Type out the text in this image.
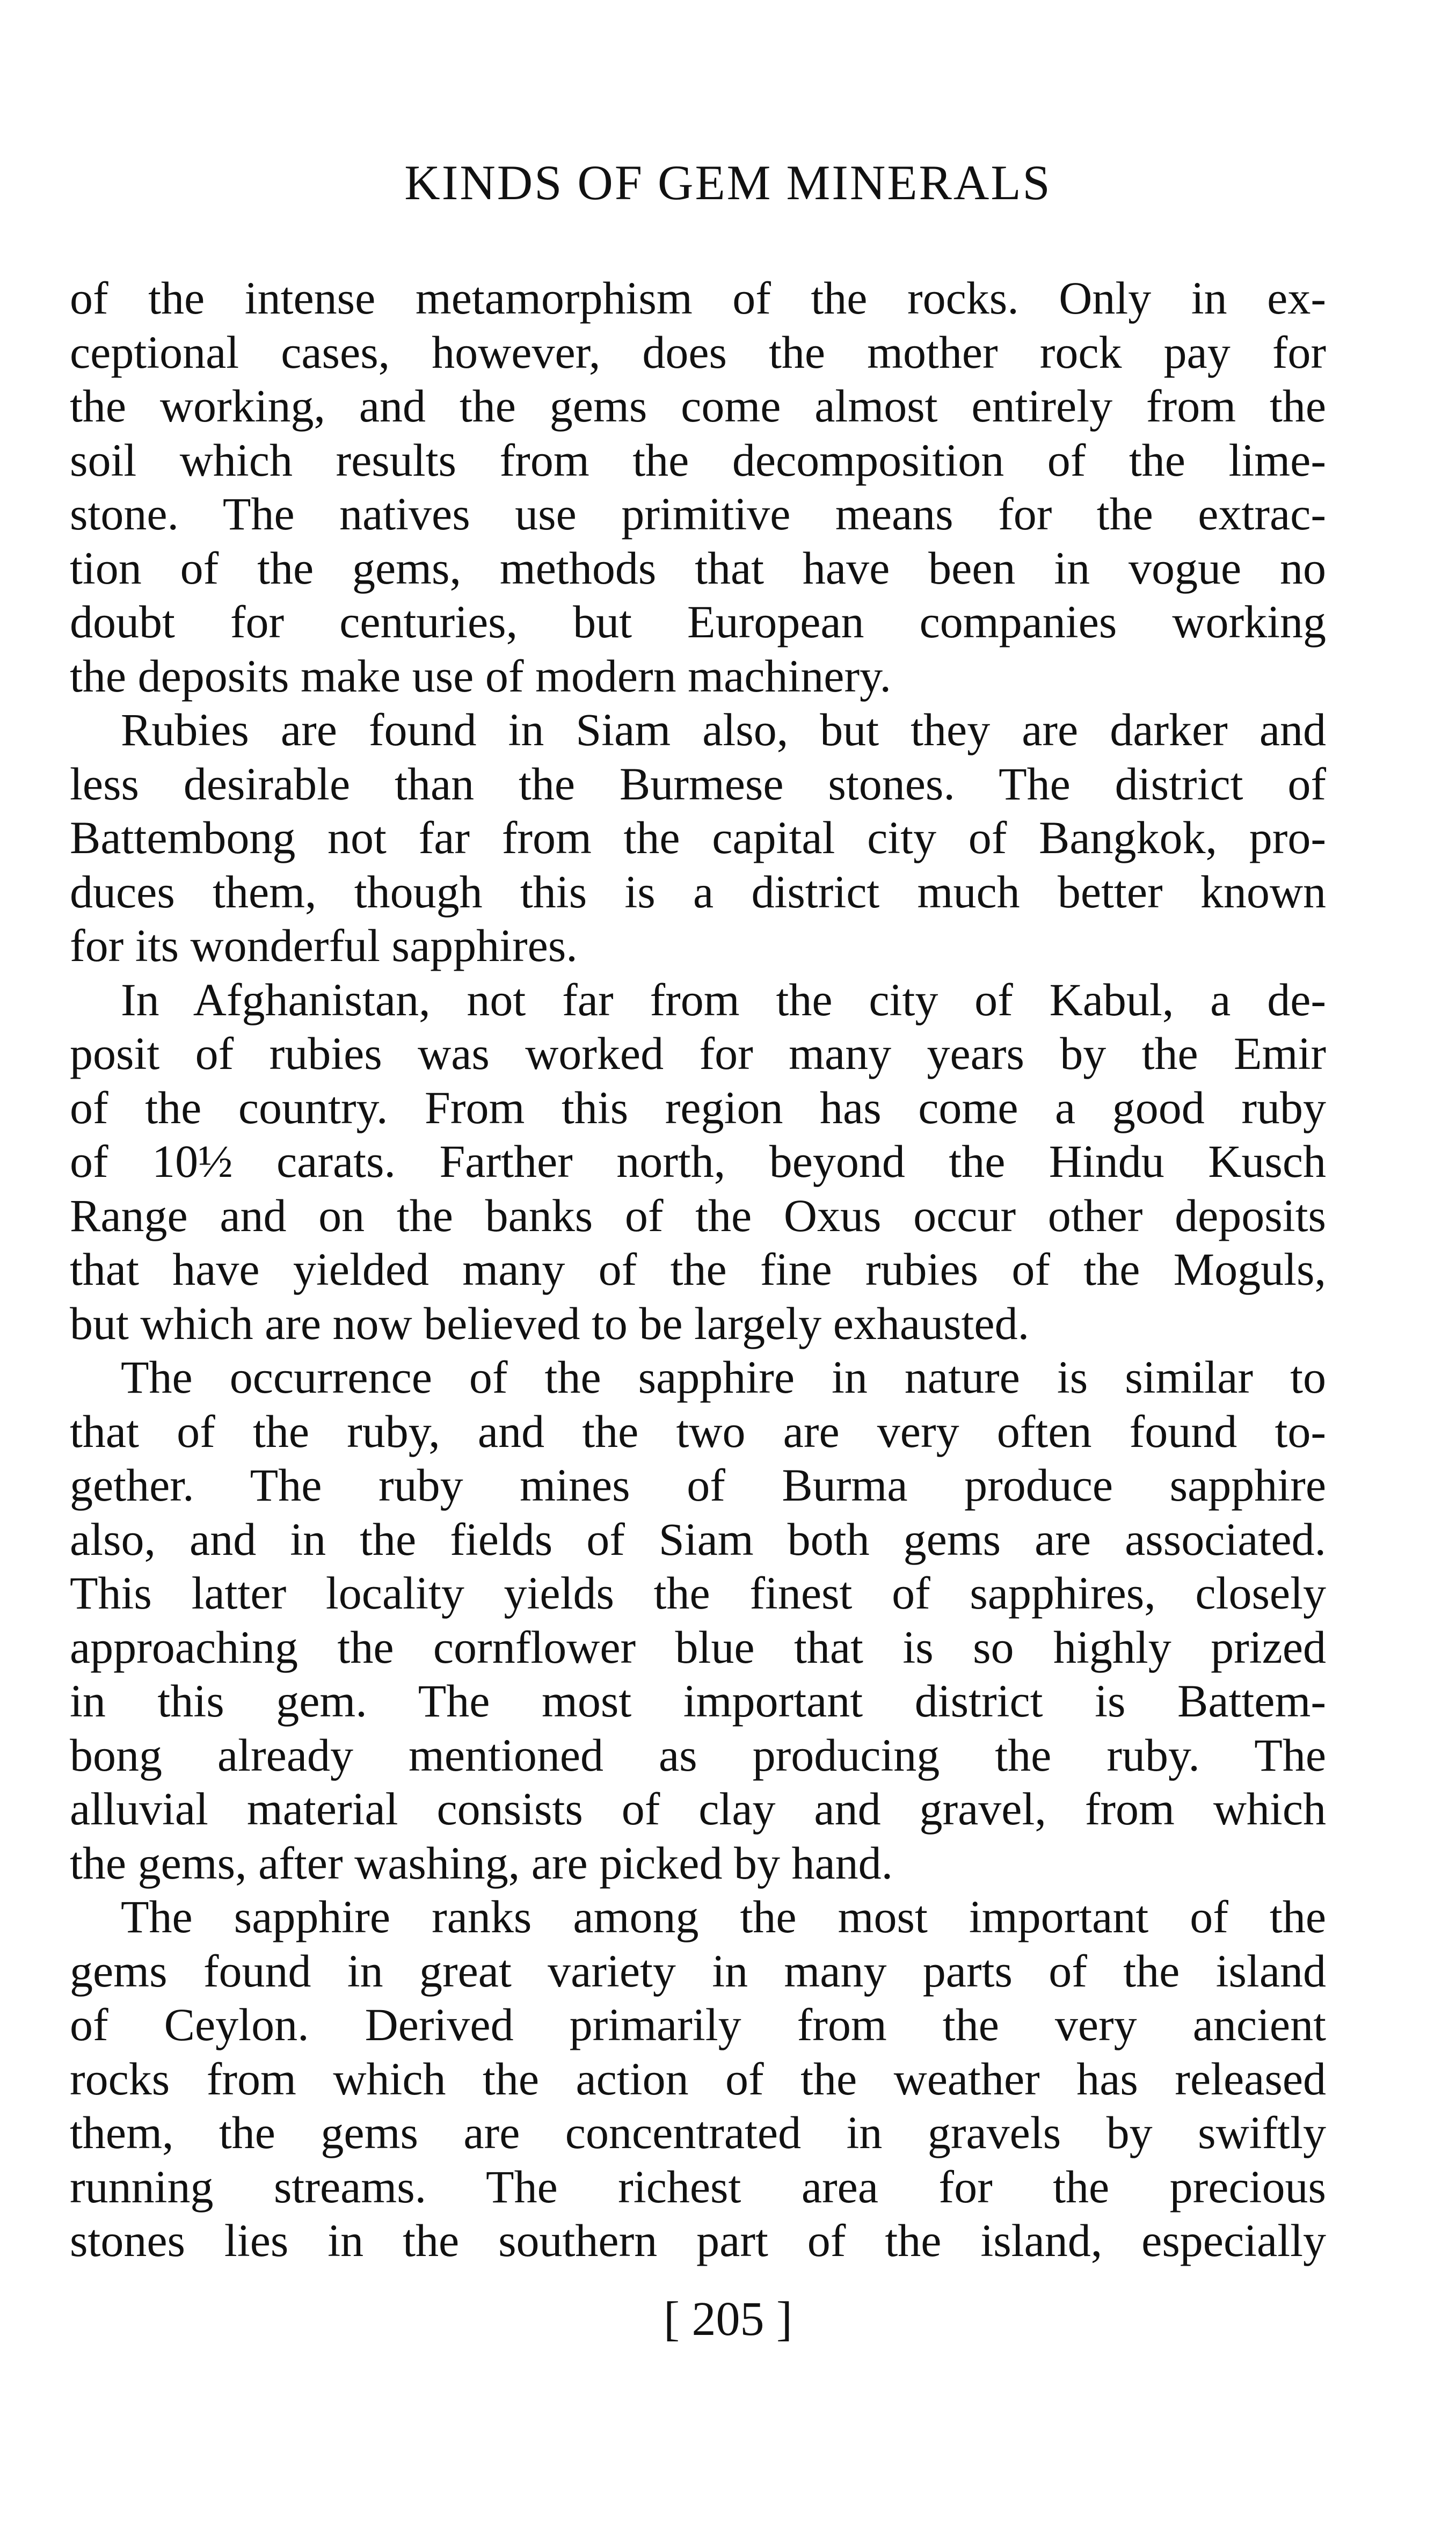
KINDS OF GEM MINERALS
of the intense metamorphism of the rocks. Only in ex-
ceptional cases, however, does the mother rock pay for
the working, and the gems come almost entirely from the
soil which results from the decomposition of the lime-
stone. The natives use primitive means for the extrac-
tion of the gems, methods that have been in vogue no
doubt for centuries, but European companies working
the deposits make use of modern machinery.
Rubies are found in Siam also, but they are darker and
less desirable than the Burmese stones. The district of
Battembong not far from the capital city of Bangkok, pro-
duces them, though this is a district much better known
for its wonderful sapphires.
In Afghanistan, not far from the city of Kabul, a de-
posit of rubies was worked for many years by the Emir
of the country. From this region has come a good ruby
of 10½ carats. Farther north, beyond the Hindu Kusch
Range and on the banks of the Oxus occur other deposits
that have yielded many of the fine rubies of the Moguls,
but which are now believed to be largely exhausted.
The occurrence of the sapphire in nature is similar to
that of the ruby, and the two are very often found to-
gether. The ruby mines of Burma produce sapphire
also, and in the fields of Siam both gems are associated.
This latter locality yields the finest of sapphires, closely
approaching the cornflower blue that is so highly prized
in this gem. The most important district is Battem-
bong already mentioned as producing the ruby. The
alluvial material consists of clay and gravel, from which
the gems, after washing, are picked by hand.
The sapphire ranks among the most important of the
gems found in great variety in many parts of the island
of Ceylon. Derived primarily from the very ancient
rocks from which the action of the weather has released
them, the gems are concentrated in gravels by swiftly
running streams. The richest area for the precious
stones lies in the southern part of the island, especially
[ 205 ]
